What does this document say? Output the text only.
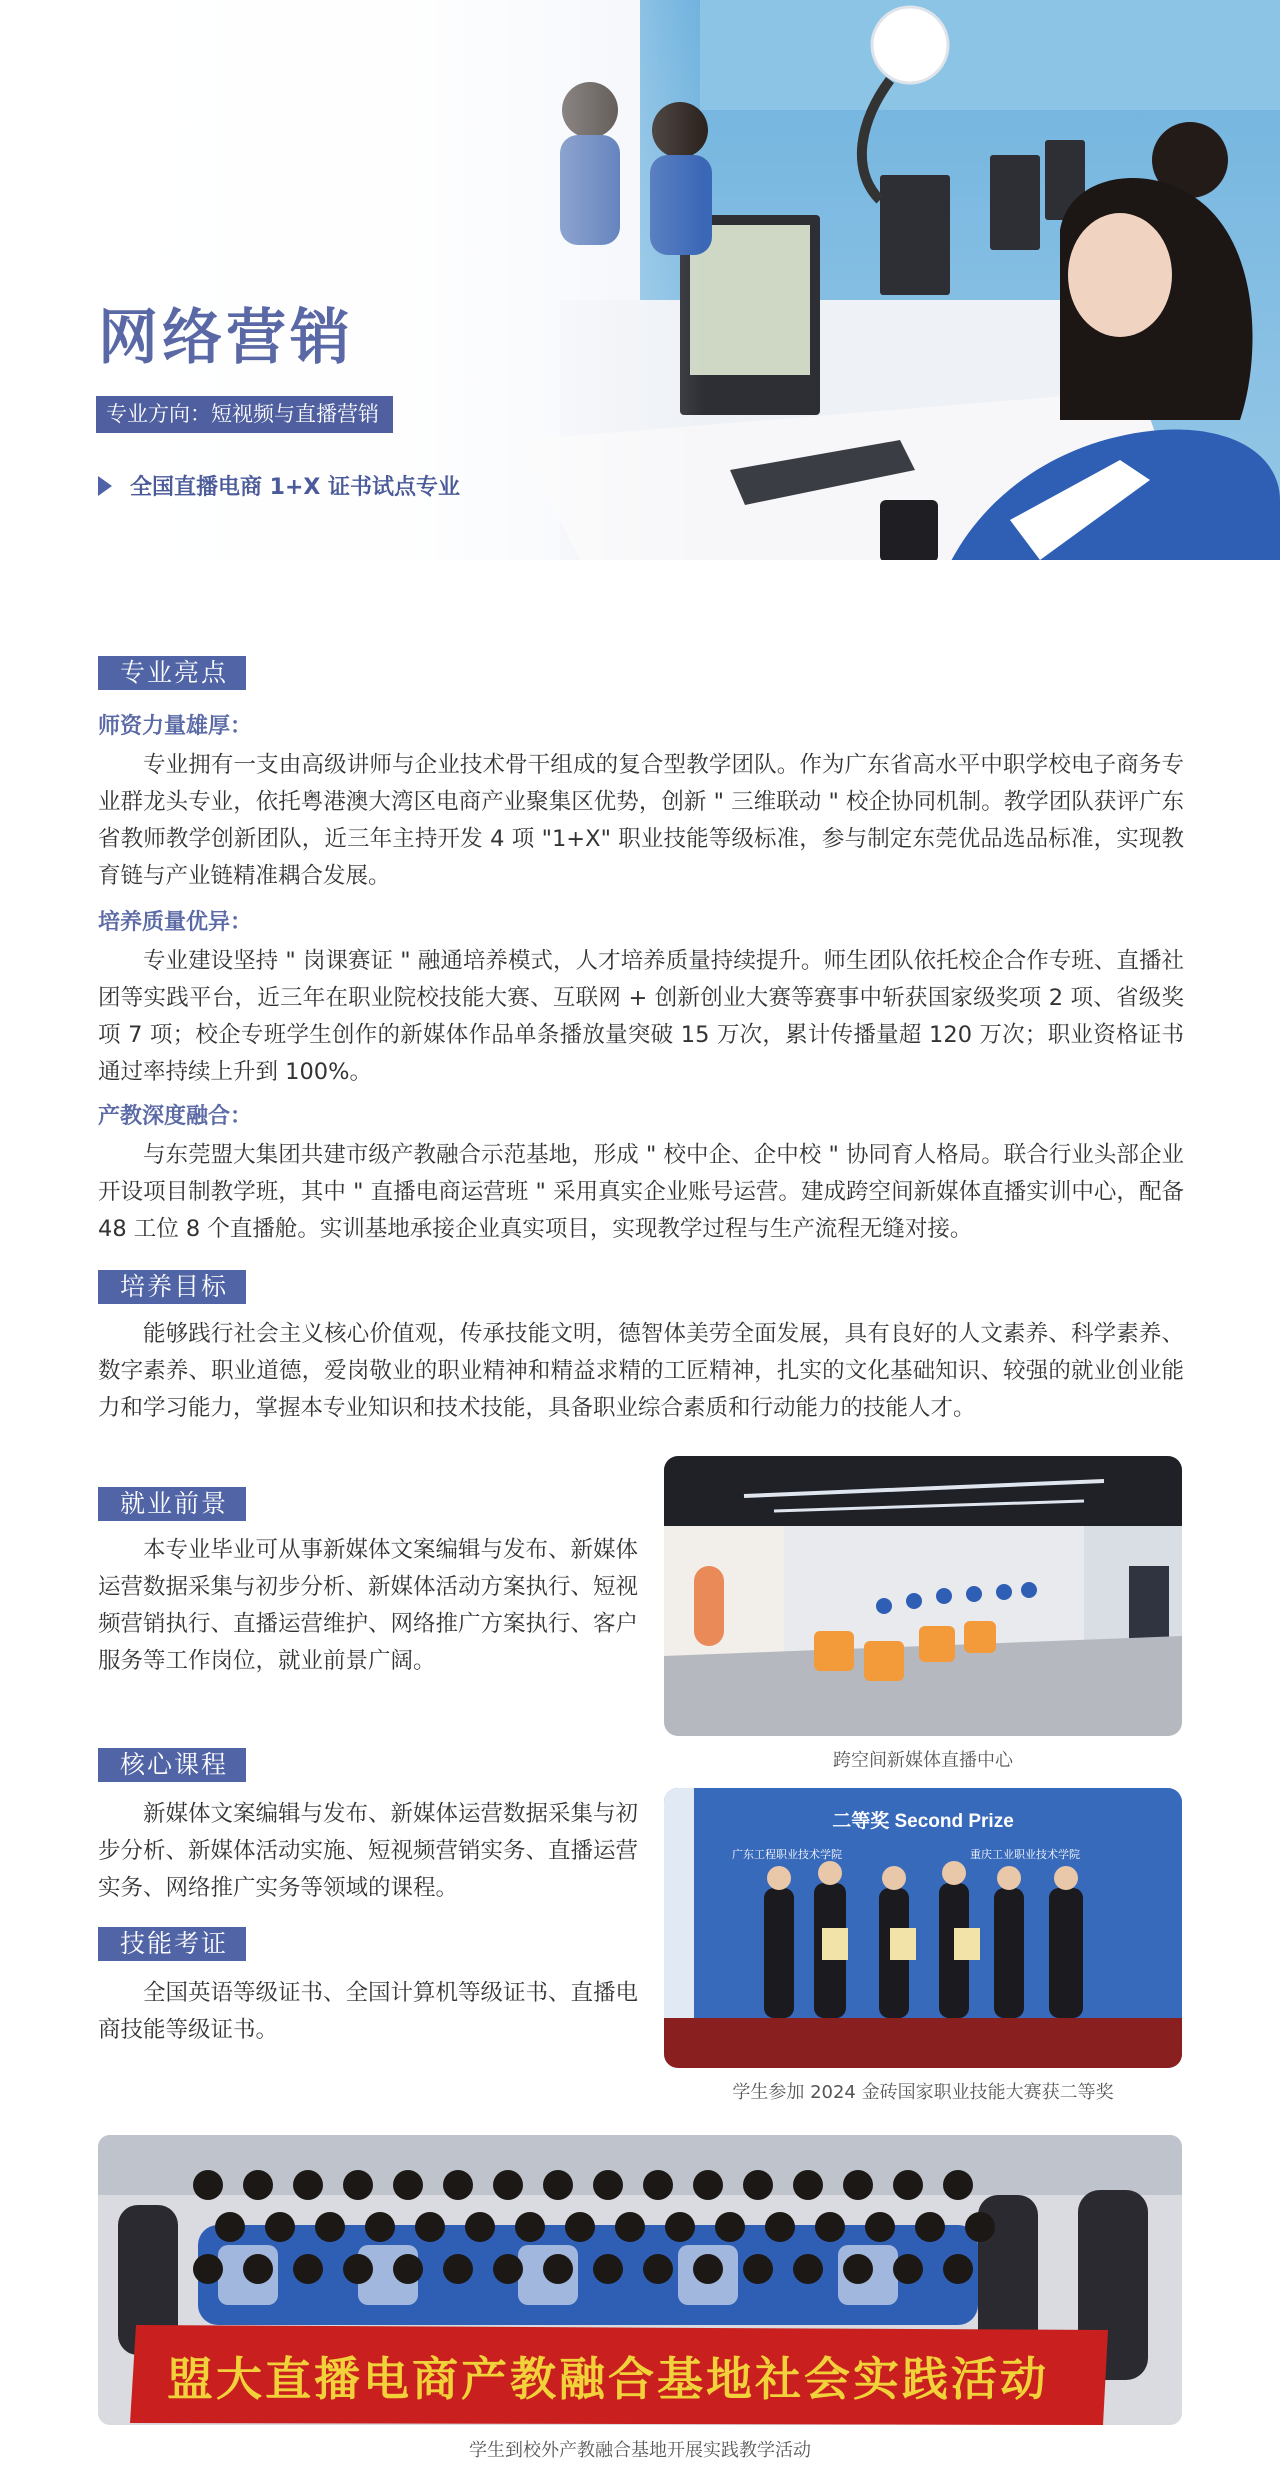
网络营销
专业方向：短视频与直播营销
全国直播电商 1+X 证书试点专业
专业亮点
师资力量雄厚：

专业拥有一支由高级讲师与企业技术骨干组成的复合型教学团队。作为广东省高水平中职学校电子商务专业群龙头专业，依托粤港澳大湾区电商产业聚集区优势，创新 " 三维联动 " 校企协同机制。教学团队获评广东省教师教学创新团队，近三年主持开发 4 项 "1+X" 职业技能等级标准，参与制定东莞优品选品标准，实现教育链与产业链精准耦合发展。

培养质量优异：

专业建设坚持 " 岗课赛证 " 融通培养模式，人才培养质量持续提升。师生团队依托校企合作专班、直播社团等实践平台，近三年在职业院校技能大赛、互联网 + 创新创业大赛等赛事中斩获国家级奖项 2 项、省级奖项 7 项；校企专班学生创作的新媒体作品单条播放量突破 15 万次，累计传播量超 120 万次；职业资格证书通过率持续上升到 100%。

产教深度融合：

与东莞盟大集团共建市级产教融合示范基地，形成 " 校中企、企中校 " 协同育人格局。联合行业头部企业开设项目制教学班，其中 " 直播电商运营班 " 采用真实企业账号运营。建成跨空间新媒体直播实训中心，配备 48 工位 8 个直播舱。实训基地承接企业真实项目，实现教学过程与生产流程无缝对接。

培养目标

能够践行社会主义核心价值观，传承技能文明，德智体美劳全面发展，具有良好的人文素养、科学素养、数字素养、职业道德，爱岗敬业的职业精神和精益求精的工匠精神，扎实的文化基础知识、较强的就业创业能力和学习能力，掌握本专业知识和技术技能，具备职业综合素质和行动能力的技能人才。

就业前景

本专业毕业可从事新媒体文案编辑与发布、新媒体运营数据采集与初步分析、新媒体活动方案执行、短视频营销执行、直播运营维护、网络推广方案执行、客户服务等工作岗位，就业前景广阔。

核心课程

新媒体文案编辑与发布、新媒体运营数据采集与初步分析、新媒体活动实施、短视频营销实务、直播运营实务、网络推广实务等领域的课程。

技能考证

全国英语等级证书、全国计算机等级证书、直播电商技能等级证书。

跨空间新媒体直播中心

二等奖 Second Prize
广东工程职业技术学院	重庆工业职业技术学院

学生参加 2024 金砖国家职业技能大赛获二等奖

盟大直播电商产教融合基地社会实践活动

学生到校外产教融合基地开展实践教学活动
